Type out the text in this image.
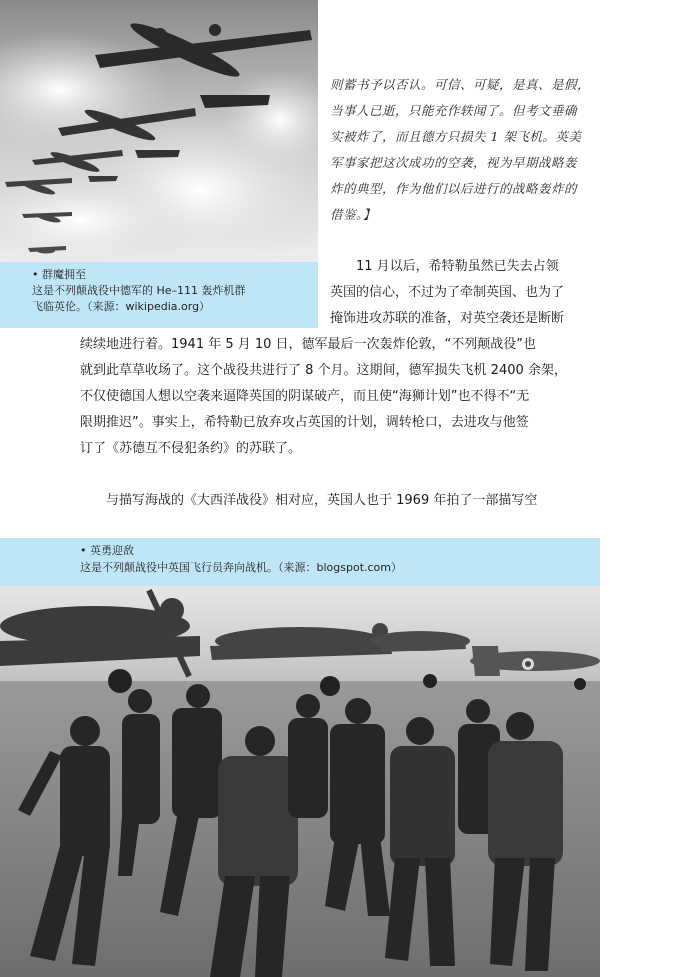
• 群魔拥至
这是不列颠战役中德军的 He–111 轰炸机群
飞临英伦。（来源：wikipedia.org）

则蓄书予以否认。可信、可疑，是真、是假，

当事人已逝，只能充作轶闻了。但考文垂确

实被炸了，而且德方只损失 1 架飞机。英美

军事家把这次成功的空袭，视为早期战略轰

炸的典型，作为他们以后进行的战略轰炸的

借鉴。】

11 月以后，希特勒虽然已失去占领

英国的信心，不过为了牵制英国、也为了

掩饰进攻苏联的准备，对英空袭还是断断

续续地进行着。1941 年 5 月 10 日，德军最后一次轰炸伦敦，“不列颠战役”也

就到此草草收场了。这个战役共进行了 8 个月。这期间，德军损失飞机 2400 余架，

不仅使德国人想以空袭来逼降英国的阴谋破产，而且使“海狮计划”也不得不“无

限期推迟”。事实上，希特勒已放弃攻占英国的计划，调转枪口，去进攻与他签

订了《苏德互不侵犯条约》的苏联了。

与描写海战的《大西洋战役》相对应，英国人也于 1969 年拍了一部描写空

• 英勇迎敌
这是不列颠战役中英国飞行员奔向战机。（来源：blogspot.com）
